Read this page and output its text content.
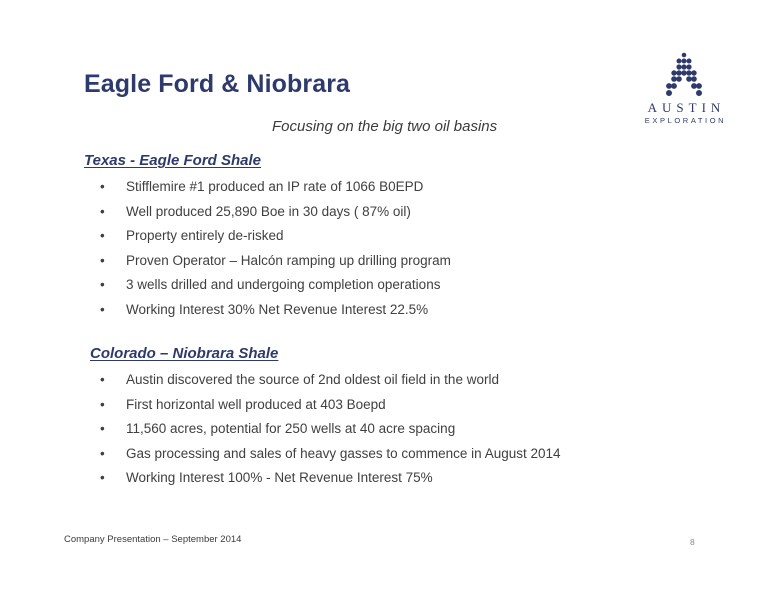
Eagle Ford & Niobrara
Focusing on the big two oil basins
AUSTIN
EXPLORATION
Texas - Eagle Ford Shale
•	Stifflemire #1 produced an IP rate of 1066 B0EPD
•	Well produced 25,890 Boe in 30 days ( 87% oil)
•	Property entirely de-risked
•	Proven Operator – Halcón ramping up drilling program
•	3 wells drilled and undergoing completion operations
•	Working Interest 30% Net Revenue Interest 22.5%
Colorado – Niobrara Shale
•	Austin discovered the source of 2nd oldest oil field in the world
•	First horizontal well produced at 403 Boepd
•	11,560 acres, potential for 250 wells at 40 acre spacing
•	Gas processing and sales of heavy gasses to commence in August 2014
•	Working Interest 100% - Net Revenue Interest 75%
Company Presentation – September 2014	8
